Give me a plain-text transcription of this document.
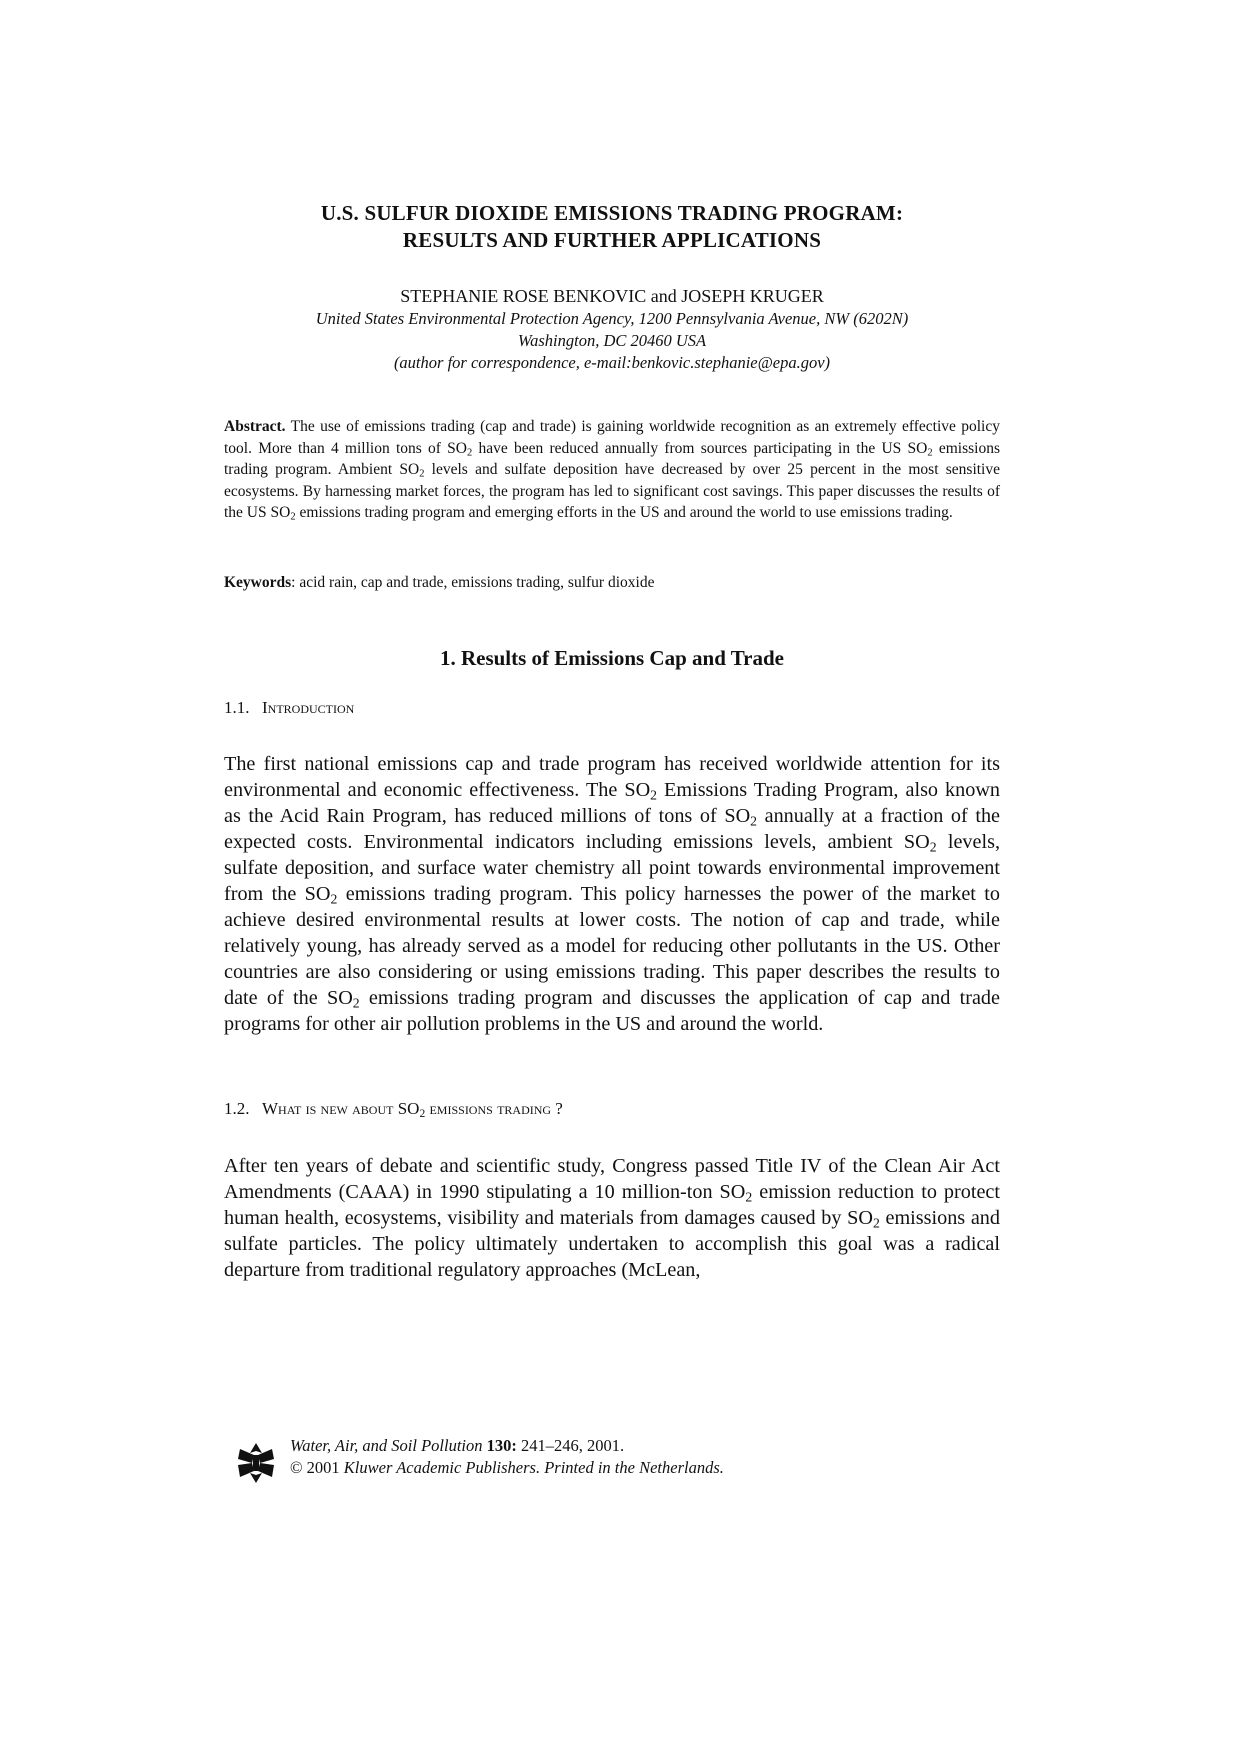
U.S. SULFUR DIOXIDE EMISSIONS TRADING PROGRAM:
RESULTS AND FURTHER APPLICATIONS
STEPHANIE ROSE BENKOVIC and JOSEPH KRUGER
United States Environmental Protection Agency, 1200 Pennsylvania Avenue, NW (6202N)
Washington, DC 20460 USA
(author for correspondence, e-mail:benkovic.stephanie@epa.gov)

Abstract. The use of emissions trading (cap and trade) is gaining worldwide recognition as an extremely effective policy tool. More than 4 million tons of $SO_2$ have been reduced annually from sources participating in the US $SO_2$ emissions trading program. Ambient $SO_2$ levels and sulfate deposition have decreased by over 25 percent in the most sensitive ecosystems. By harnessing market forces, the program has led to significant cost savings. This paper discusses the results of the US $SO_2$ emissions trading program and emerging efforts in the US and around the world to use emissions trading.

Keywords: acid rain, cap and trade, emissions trading, sulfur dioxide
1. Results of Emissions Cap and Trade
1.1. Introduction

The first national emissions cap and trade program has received worldwide attention for its environmental and economic effectiveness. The $SO_2$ Emissions Trading Program, also known as the Acid Rain Program, has reduced millions of tons of $SO_2$ annually at a fraction of the expected costs. Environmental indicators including emissions levels, ambient $SO_2$ levels, sulfate deposition, and surface water chemistry all point towards environmental improvement from the $SO_2$ emissions trading program. This policy harnesses the power of the market to achieve desired environmental results at lower costs. The notion of cap and trade, while relatively young, has already served as a model for reducing other pollutants in the US. Other countries are also considering or using emissions trading. This paper describes the results to date of the $SO_2$ emissions trading program and discusses the application of cap and trade programs for other air pollution problems in the US and around the world.

1.2. What is new about $SO_2$ emissions trading ?

After ten years of debate and scientific study, Congress passed Title IV of the Clean Air Act Amendments (CAAA) in 1990 stipulating a 10 million-ton $SO_2$ emission reduction to protect human health, ecosystems, visibility and materials from damages caused by $SO_2$ emissions and sulfate particles. The policy ultimately undertaken to accomplish this goal was a radical departure from traditional regulatory approaches (McLean,

Water, Air, and Soil Pollution 130: 241–246, 2001.
© 2001 Kluwer Academic Publishers. Printed in the Netherlands.
